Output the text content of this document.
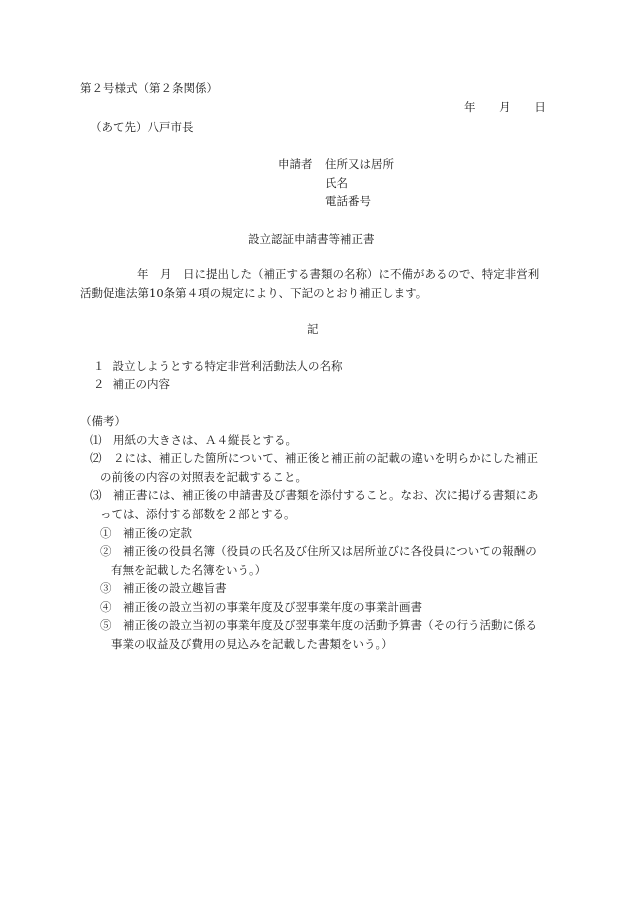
第２号様式（第２条関係）
年 月 日
（あて先）八戸市長
申請者 住所又は居所
氏名
電話番号
設立認証申請書等補正書
年　月　日に提出した（補正する書類の名称）に不備があるので、特定非営利
活動促進法第10条第４項の規定により、下記のとおり補正します。
記
１ 設立しようとする特定非営利活動法人の名称
２ 補正の内容
（備考）
⑴　用紙の大きさは、Ａ４縦長とする。
⑵　２には、補正した箇所について、補正後と補正前の記載の違いを明らかにした補正
の前後の内容の対照表を記載すること。
⑶　補正書には、補正後の申請書及び書類を添付すること。なお、次に掲げる書類にあ
っては、添付する部数を２部とする。
①　補正後の定款
②　補正後の役員名簿（役員の氏名及び住所又は居所並びに各役員についての報酬の
有無を記載した名簿をいう。）
③　補正後の設立趣旨書
④　補正後の設立当初の事業年度及び翌事業年度の事業計画書
⑤　補正後の設立当初の事業年度及び翌事業年度の活動予算書（その行う活動に係る
事業の収益及び費用の見込みを記載した書類をいう。）
